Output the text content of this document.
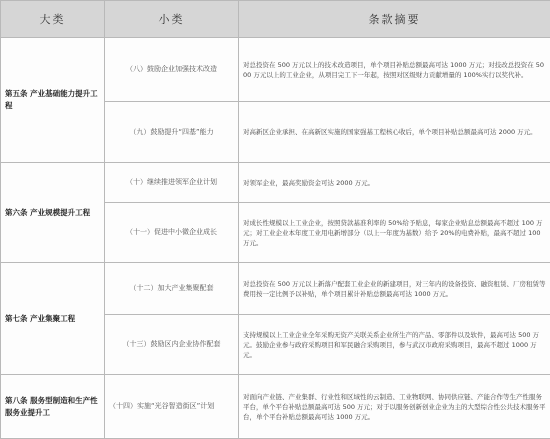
大类	小类	条款摘要
第五条 产业基础能力提升工程	（八）鼓励企业加强技术改造	对总投资在 500 万元以上的技术改造项目，单个项目补贴总额最高可达 1000 万元；对技改总投资在 5000 万元以上的工业企业，从项目完工下一年起，按照对区级财力贡献增量的 100%实行以奖代补。
	（九）鼓励提升“四基”能力	对高新区企业承担、在高新区实施的国家强基工程核心收后，单个项目补贴总额最高可达 2000 万元。
第六条 产业规模提升工程	（十）继续推进领军企业计划	对领军企业，最高奖励资金可达 2000 万元。
	（十一）促进中小微企业成长	对成长性规模以上工业企业，按照贷款基准利率的 50%给予贴息，每家企业贴息总额最高不超过 100 万元；对工业企业本年度工业用电新增部分（以上一年度为基数）给予 20%的电费补贴，最高不超过 100 万元。
第七条 产业集聚工程	（十二）加大产业集聚配套	对总投资在 500 万元以上新落户配套工业企业的新建项目，对三年内的设备投资、融资租赁、厂房租赁等费用按一定比例予以补贴，单个项目累计补贴总额最高可达 1000 万元。
	（十三）鼓励区内企业协作配套	支持规模以上工业企业全年采购无资产关联关系企业所生产的产品、零部件以及软件，最高可达 500 万元。鼓励企业参与政府采购项目和军民融合采购项目，参与武汉市政府采购项目，最高不超过 1000 万元。
第八条 服务型制造和生产性服务业提升工	（十四）实施“光谷智造街区”计划	对面向产业链、产业集群、行业性和区域性的云制造、工业物联网、协同供应链、产能合作等生产性服务平台，单个平台补贴总额最高可达 500 万元；对于以服务创新创业企业为主的大型综合性公共技术服务平台，单个平台补贴总额最高可达 1000 万元。
